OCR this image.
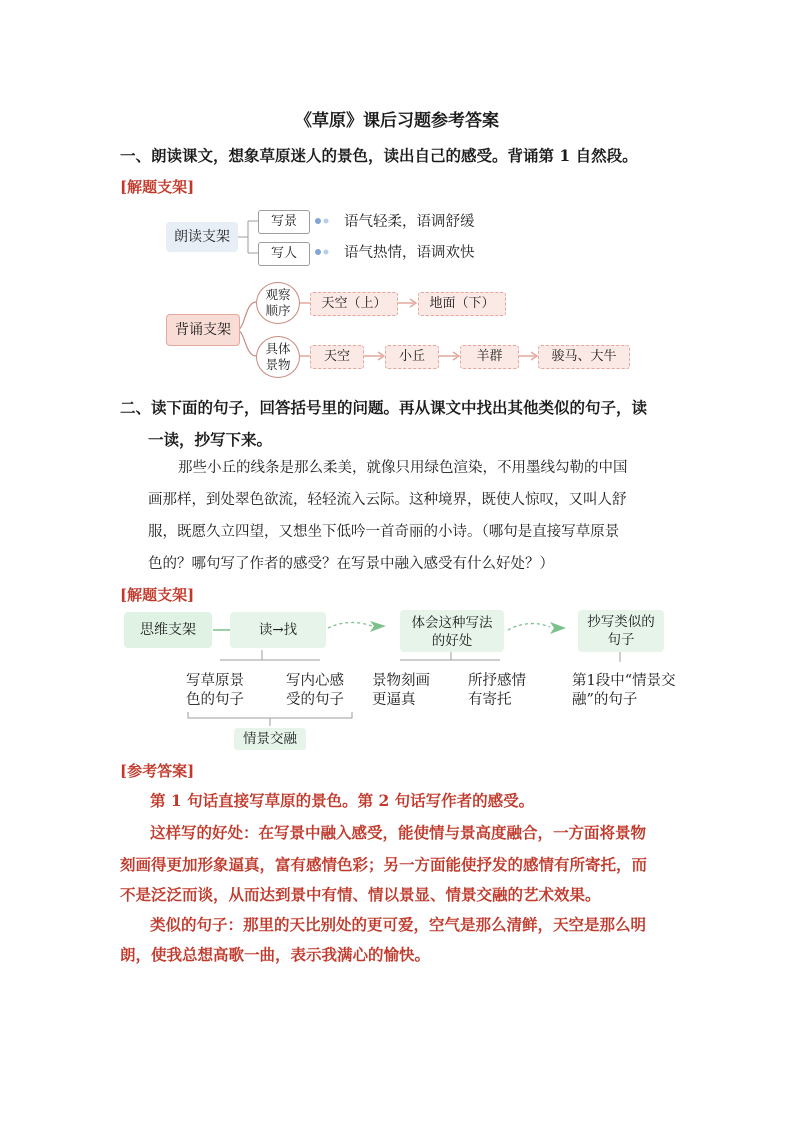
《草原》课后习题参考答案
一、朗读课文，想象草原迷人的景色，读出自己的感受。背诵第 1 自然段。
[解题支架]
朗读支架
写景	语气轻柔，语调舒缓
写人	语气热情，语调欢快
背诵支架
观察顺序	天空（上）	地面（下）
具体景物
天空	小丘	羊群	骏马、大牛
二、读下面的句子，回答括号里的问题。再从课文中找出其他类似的句子，读
一读，抄写下来。
那些小丘的线条是那么柔美，就像只用绿色渲染，不用墨线勾勒的中国
画那样，到处翠色欲流，轻轻流入云际。这种境界，既使人惊叹，又叫人舒
服，既愿久立四望，又想坐下低吟一首奇丽的小诗。（哪句是直接写草原景
色的？哪句写了作者的感受？在写景中融入感受有什么好处？）
[解题支架]
思维支架	读→找	体会这种写法的好处
抄写类似的句子
写草原景色的句子
写内心感受的句子
情景交融
景物刻画更逼真
所抒感情有寄托
第1段中“情景交融”的句子
[参考答案]
第 1 句话直接写草原的景色。第 2 句话写作者的感受。
这样写的好处：在写景中融入感受，能使情与景高度融合，一方面将景物
刻画得更加形象逼真，富有感情色彩；另一方面能使抒发的感情有所寄托，而
不是泛泛而谈，从而达到景中有情、情以景显、情景交融的艺术效果。
类似的句子：那里的天比别处的更可爱，空气是那么清鲜，天空是那么明
朗，使我总想高歌一曲，表示我满心的愉快。
